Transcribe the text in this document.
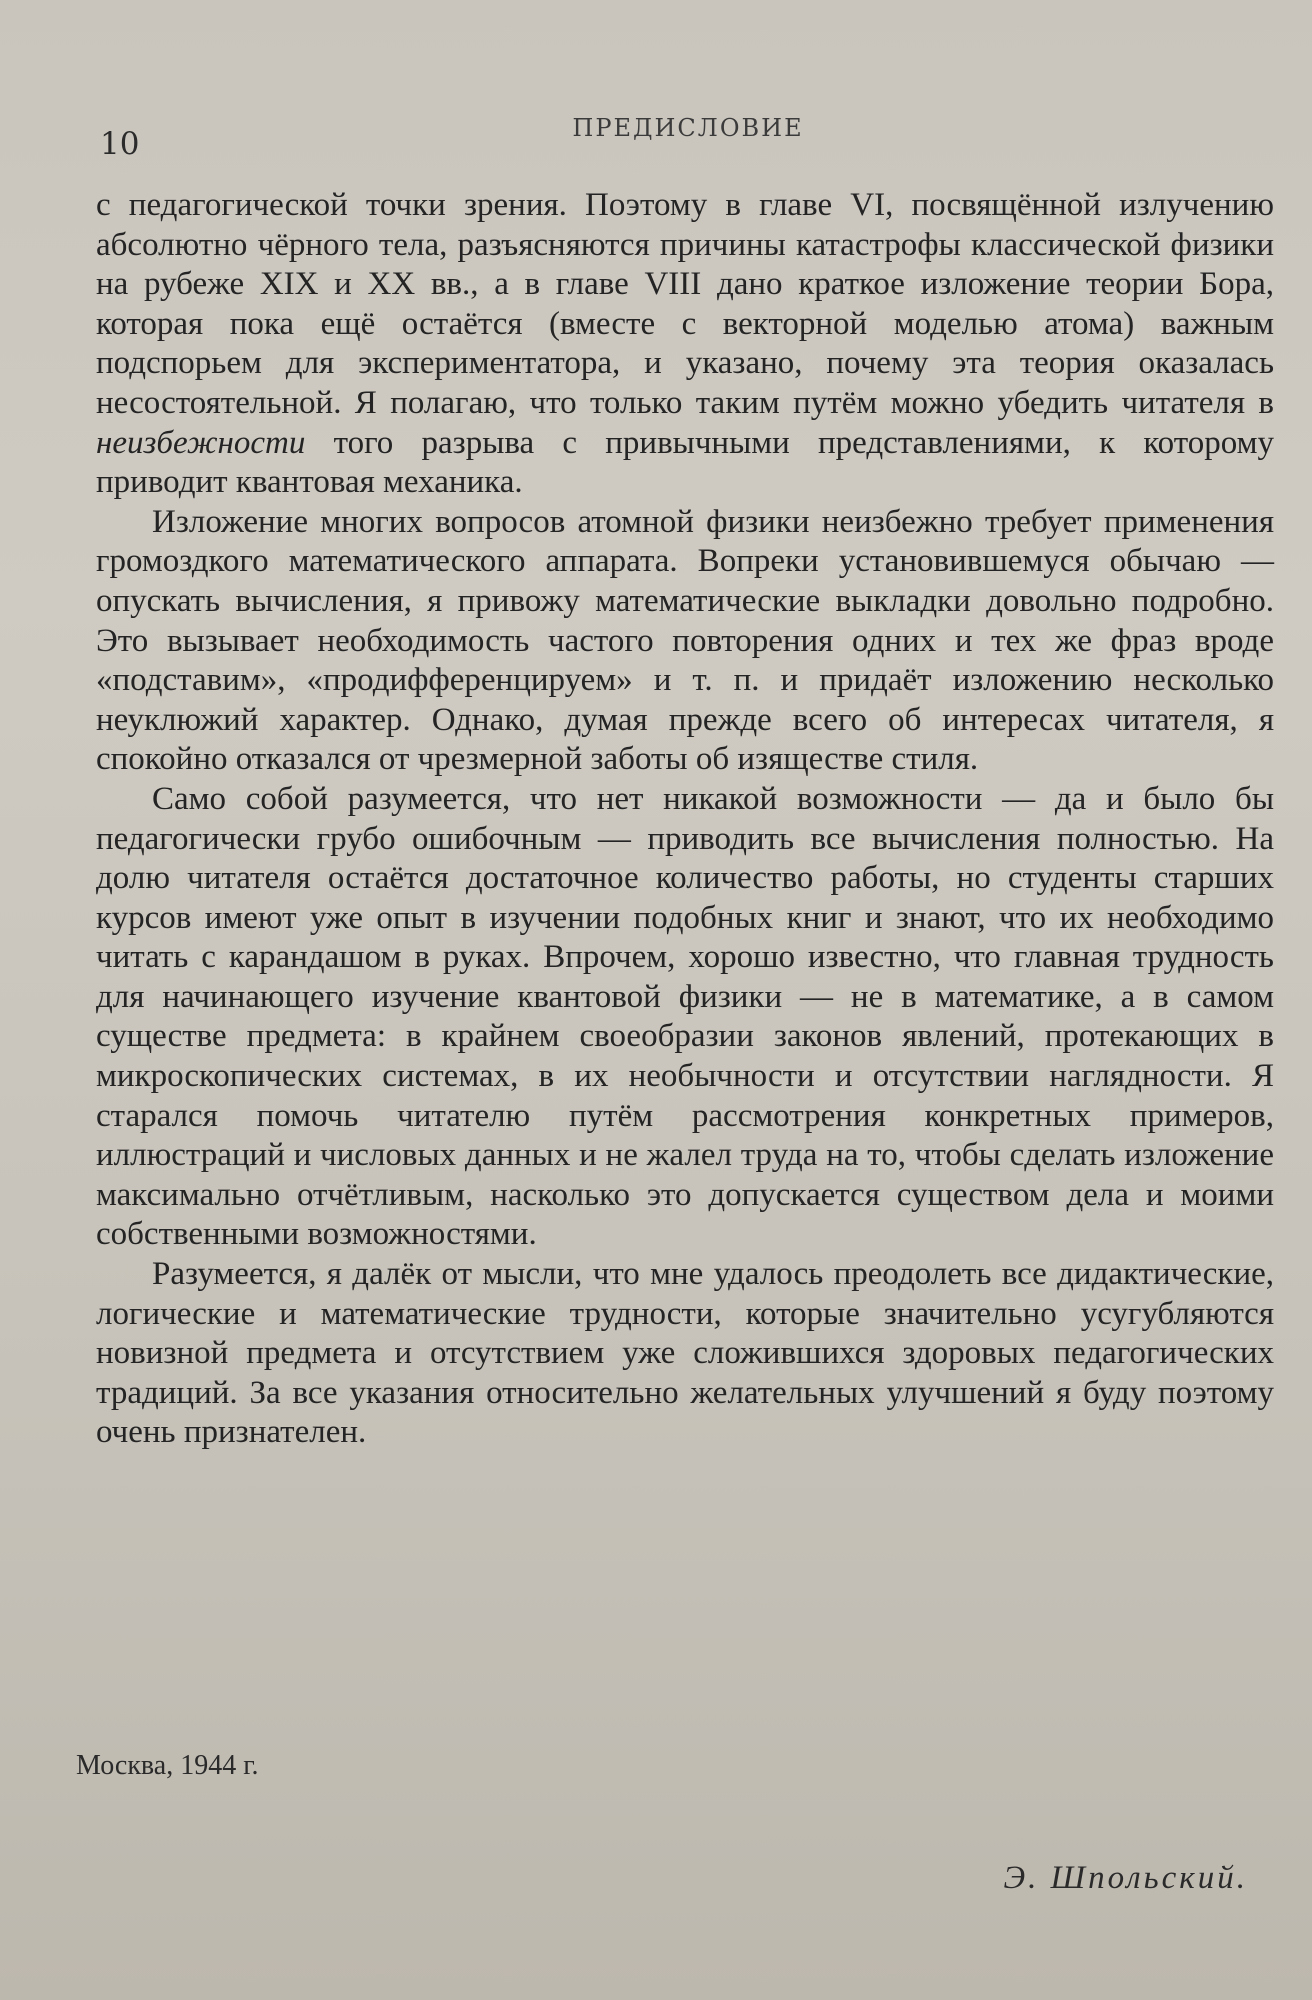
10	ПРЕДИСЛОВИЕ

с педагогической точки зрения. Поэтому в главе VI, посвящённой излучению абсолютно чёрного тела, разъясняются причины катастрофы классической физики на рубеже XIX и XX вв., а в главе VIII дано краткое изложение теории Бора, которая пока ещё остаётся (вместе с векторной моделью атома) важным подспорьем для экспериментатора, и указано, почему эта теория оказалась несостоятельной. Я полагаю, что только таким путём можно убедить читателя в неизбежности того разрыва с привычными представлениями, к которому приводит квантовая механика.

Изложение многих вопросов атомной физики неизбежно требует применения громоздкого математического аппарата. Вопреки установившемуся обычаю — опускать вычисления, я привожу математические выкладки довольно подробно. Это вызывает необходимость частого повторения одних и тех же фраз вроде «подставим», «продифференцируем» и т. п. и придаёт изложению несколько неуклюжий характер. Однако, думая прежде всего об интересах читателя, я спокойно отказался от чрезмерной заботы об изяществе стиля.

Само собой разумеется, что нет никакой возможности — да и было бы педагогически грубо ошибочным — приводить все вычисления полностью. На долю читателя остаётся достаточное количество работы, но студенты старших курсов имеют уже опыт в изучении подобных книг и знают, что их необходимо читать с карандашом в руках. Впрочем, хорошо известно, что главная трудность для начинающего изучение квантовой физики — не в математике, а в самом существе предмета: в крайнем своеобразии законов явлений, протекающих в микроскопических системах, в их необычности и отсутствии наглядности. Я старался помочь читателю путём рассмотрения конкретных примеров, иллюстраций и числовых данных и не жалел труда на то, чтобы сделать изложение максимально отчётливым, насколько это допускается существом дела и моими собственными возможностями.

Разумеется, я далёк от мысли, что мне удалось преодолеть все дидактические, логические и математические трудности, которые значительно усугубляются новизной предмета и отсутствием уже сложившихся здоровых педагогических традиций. За все указания относительно желательных улучшений я буду поэтому очень признателен.

Москва, 1944 г.
Э. Шпольский.
